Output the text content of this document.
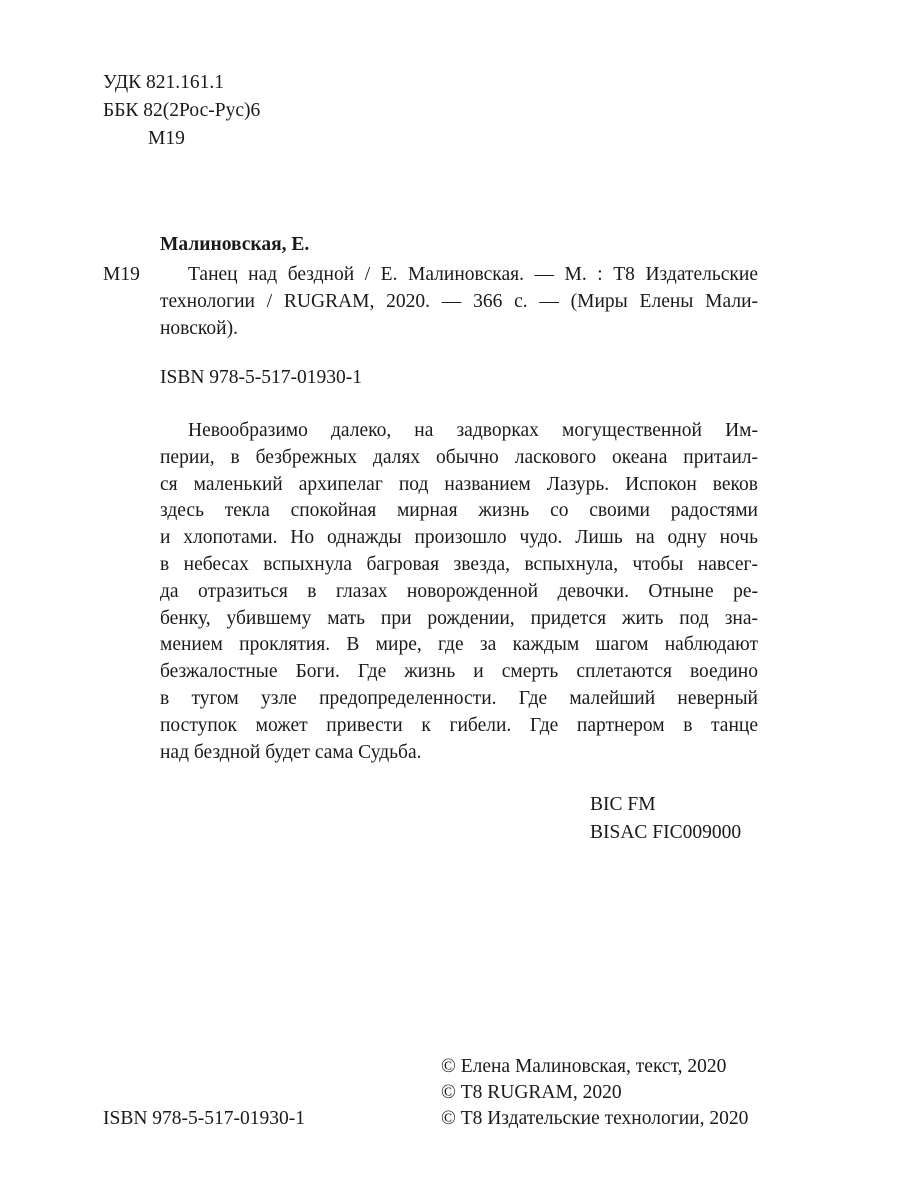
УДК 821.161.1
ББК 82(2Рос-Рус)6
М19
Малиновская, Е.
М19	Танец над бездной / Е. Малиновская. — М. : Т8 Издательские
технологии / RUGRAM, 2020. — 366 с. — (Миры Елены Мали-
новской).
ISBN 978-5-517-01930-1
Невообразимо далеко, на задворках могущественной Им-
перии, в безбрежных далях обычно ласкового океана притаил-
ся маленький архипелаг под названием Лазурь. Испокон веков
здесь текла спокойная мирная жизнь со своими радостями
и хлопотами. Но однажды произошло чудо. Лишь на одну ночь
в небесах вспыхнула багровая звезда, вспыхнула, чтобы навсег-
да отразиться в глазах новорожденной девочки. Отныне ре-
бенку, убившему мать при рождении, придется жить под зна-
мением проклятия. В мире, где за каждым шагом наблюдают
безжалостные Боги. Где жизнь и смерть сплетаются воедино
в тугом узле предопределенности. Где малейший неверный
поступок может привести к гибели. Где партнером в танце
над бездной будет сама Судьба.
BIC FM
BISAC FIC009000
ISBN 978-5-517-01930-1
© Елена Малиновская, текст, 2020
© Т8 RUGRAM, 2020
© Т8 Издательские технологии, 2020
